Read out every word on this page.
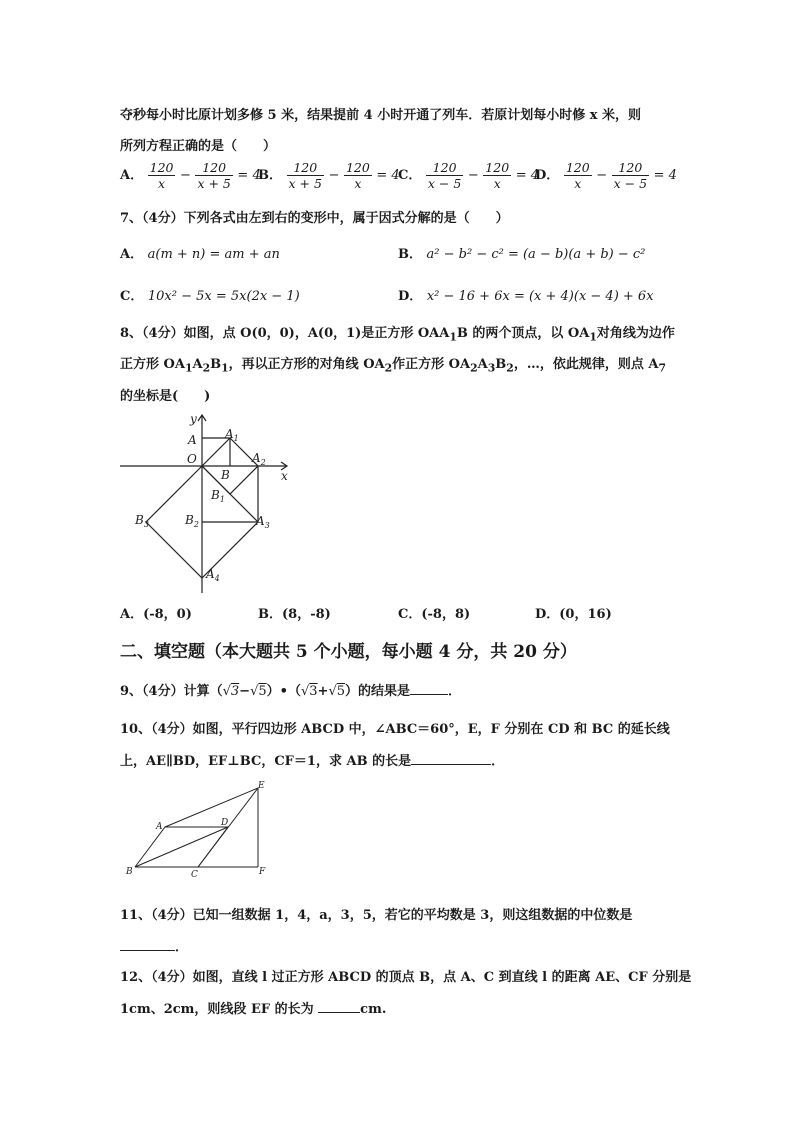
夺秒每小时比原计划多修 5 米，结果提前 4 小时开通了列车．若原计划每小时修 x 米，则
所列方程正确的是（　　）
A． $\frac{120}{x} - \frac{120}{x + 5} = 4$
B． $\frac{120}{x + 5} - \frac{120}{x} = 4$
C． $\frac{120}{x - 5} - \frac{120}{x} = 4$
D． $\frac{120}{x} - \frac{120}{x - 5} = 4$
7、（4分）下列各式由左到右的变形中，属于因式分解的是（　　）
A． a(m + n) = am + an	B． a² − b² − c² = (a − b)(a + b) − c²
C． 10x² − 5x = 5x(2x − 1)	D． x² − 16 + 6x = (x + 4)(x − 4) + 6x
8、（4分）如图，点 O(0，0)，A(0，1)是正方形 $OAA_1B$ 的两个顶点，以 $OA_1$对角线为边作
正方形 $OA_1A_2B_1$，再以正方形的对角线 $OA_2$作正方形 $OA_2A_3B_2$，…，依此规律，则点 $A_7$
的坐标是(　　)
y
x
O
A $A_1$
$A_2$
B
$B_1$
$B_2$
$B_3$	$A_3$
$A_4$
A．(-8，0)	B．(8，-8)	C．(-8，8)	D．(0，16)
二、填空题（本大题共 5 个小题，每小题 4 分，共 20 分）
9、（4分）计算（√3−√5）•（√3+√5）的结果是	．
10、（4分）如图，平行四边形 ABCD 中，∠ABC＝60°，E，F 分别在 CD 和 BC 的延长线
上，AE∥BD，EF⊥BC，CF＝1，求 AB 的长是	．
A
B	C
D
E
F
11、（4分）已知一组数据 1，4，a，3，5，若它的平均数是 3，则这组数据的中位数是
．
12、（4分）如图，直线 l 过正方形 ABCD 的顶点 B，点 A、C 到直线 l 的距离 AE、CF 分别是
1cm、2cm，则线段 EF 的长为	cm.
